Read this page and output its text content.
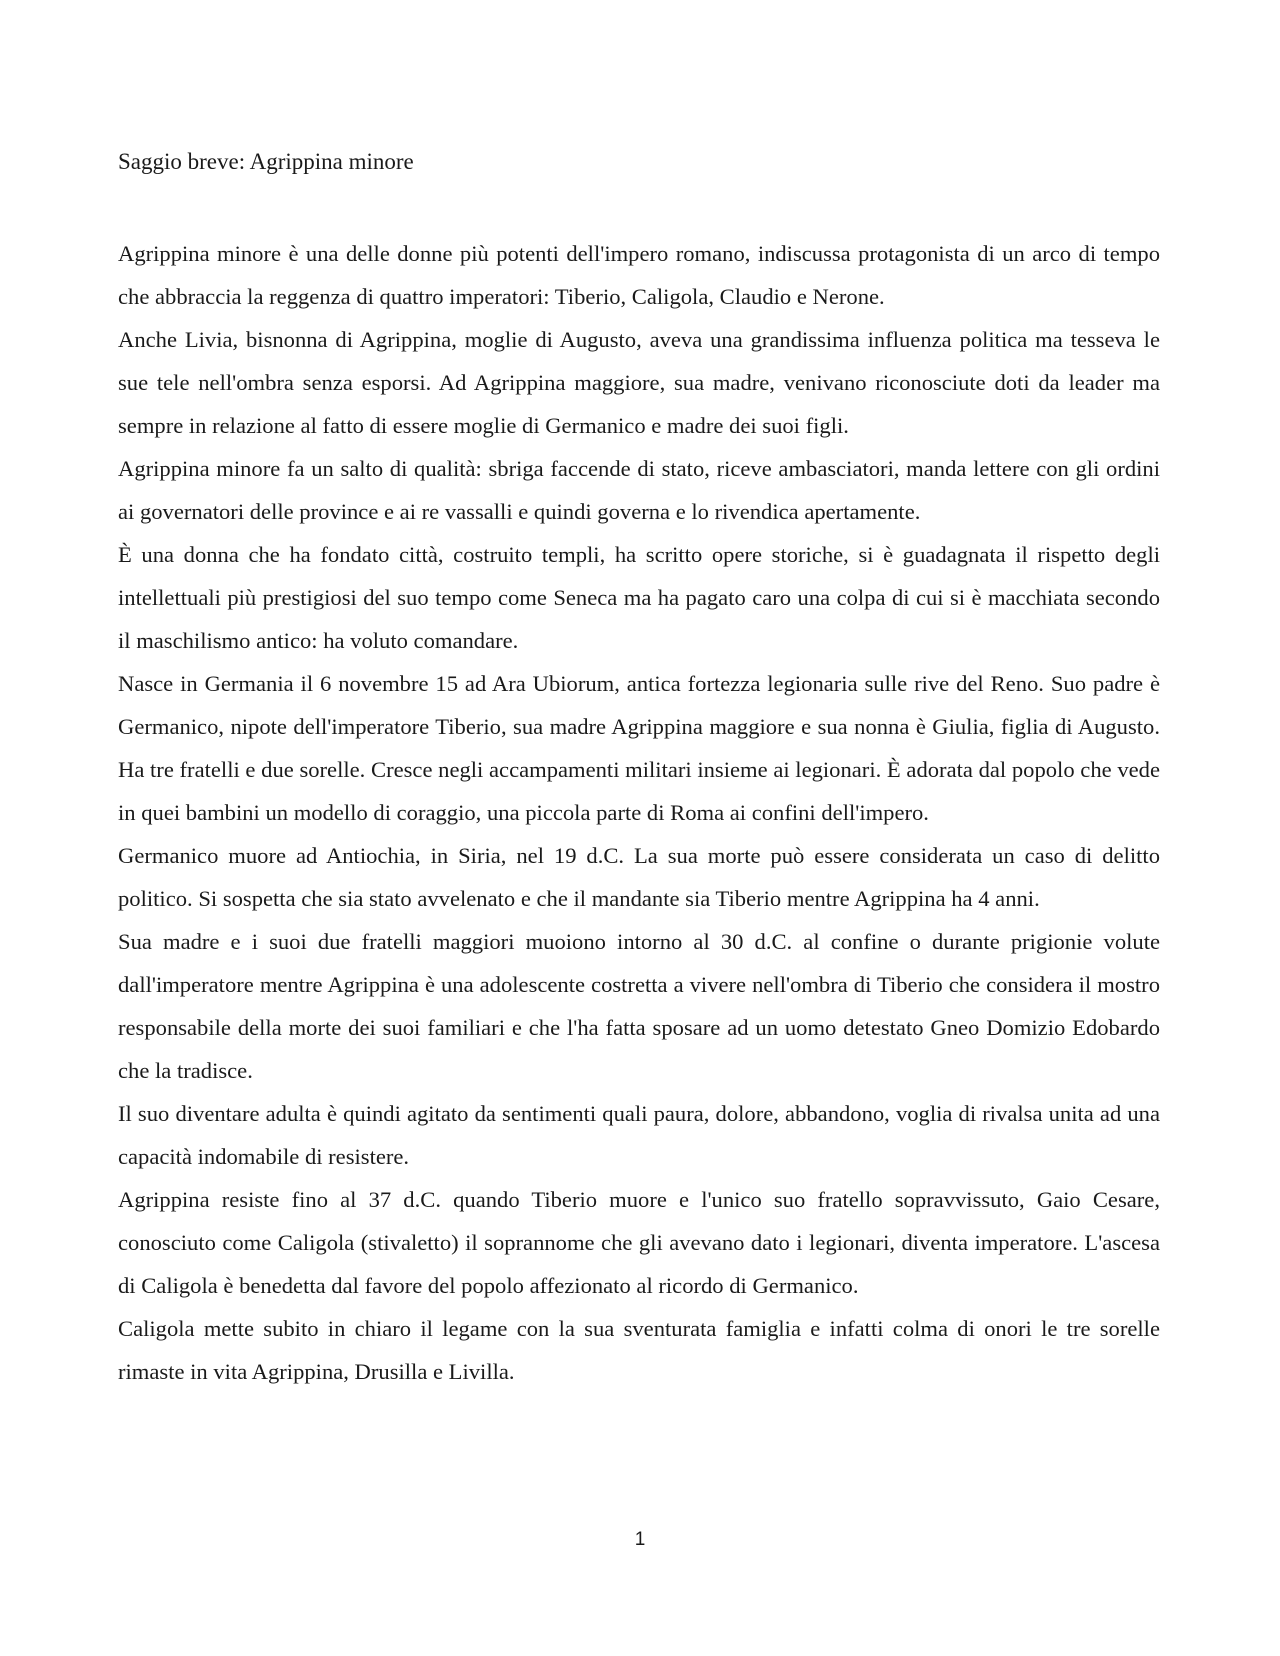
Saggio breve: Agrippina minore

Agrippina minore è una delle donne più potenti dell'impero romano, indiscussa protagonista di un arco di tempo che abbraccia la reggenza di quattro imperatori: Tiberio, Caligola, Claudio e Nerone.

Anche Livia, bisnonna di Agrippina, moglie di Augusto, aveva una grandissima influenza politica ma tesseva le sue tele nell'ombra senza esporsi. Ad Agrippina maggiore, sua madre, venivano riconosciute doti da leader ma sempre in relazione al fatto di essere moglie di Germanico e madre dei suoi figli.

Agrippina minore fa un salto di qualità: sbriga faccende di stato, riceve ambasciatori, manda lettere con gli ordini ai governatori delle province e ai re vassalli e quindi governa e lo rivendica apertamente.

È una donna che ha fondato città, costruito templi, ha scritto opere storiche, si è guadagnata il rispetto degli intellettuali più prestigiosi del suo tempo come Seneca ma ha pagato caro una colpa di cui si è macchiata secondo il maschilismo antico: ha voluto comandare.

Nasce in Germania il 6 novembre 15 ad Ara Ubiorum, antica fortezza legionaria sulle rive del Reno. Suo padre è Germanico, nipote dell'imperatore Tiberio, sua madre Agrippina maggiore e sua nonna è Giulia, figlia di Augusto. Ha tre fratelli e due sorelle. Cresce negli accampamenti militari insieme ai legionari. È adorata dal popolo che vede in quei bambini un modello di coraggio, una piccola parte di Roma ai confini dell'impero.

Germanico muore ad Antiochia, in Siria, nel 19 d.C. La sua morte può essere considerata un caso di delitto politico. Si sospetta che sia stato avvelenato e che il mandante sia Tiberio mentre Agrippina ha 4 anni.

Sua madre e i suoi due fratelli maggiori muoiono intorno al 30 d.C. al confine o durante prigionie volute dall'imperatore mentre Agrippina è una adolescente costretta a vivere nell'ombra di Tiberio che considera il mostro responsabile della morte dei suoi familiari e che l'ha fatta sposare ad un uomo detestato Gneo Domizio Edobardo che la tradisce.

Il suo diventare adulta è quindi agitato da sentimenti quali paura, dolore, abbandono, voglia di rivalsa unita ad una capacità indomabile di resistere.

Agrippina resiste fino al 37 d.C. quando Tiberio muore e l'unico suo fratello sopravvissuto, Gaio Cesare, conosciuto come Caligola (stivaletto) il soprannome che gli avevano dato i legionari, diventa imperatore. L'ascesa di Caligola è benedetta dal favore del popolo affezionato al ricordo di Germanico.

Caligola mette subito in chiaro il legame con la sua sventurata famiglia e infatti colma di onori le tre sorelle rimaste in vita Agrippina, Drusilla e Livilla.

1
